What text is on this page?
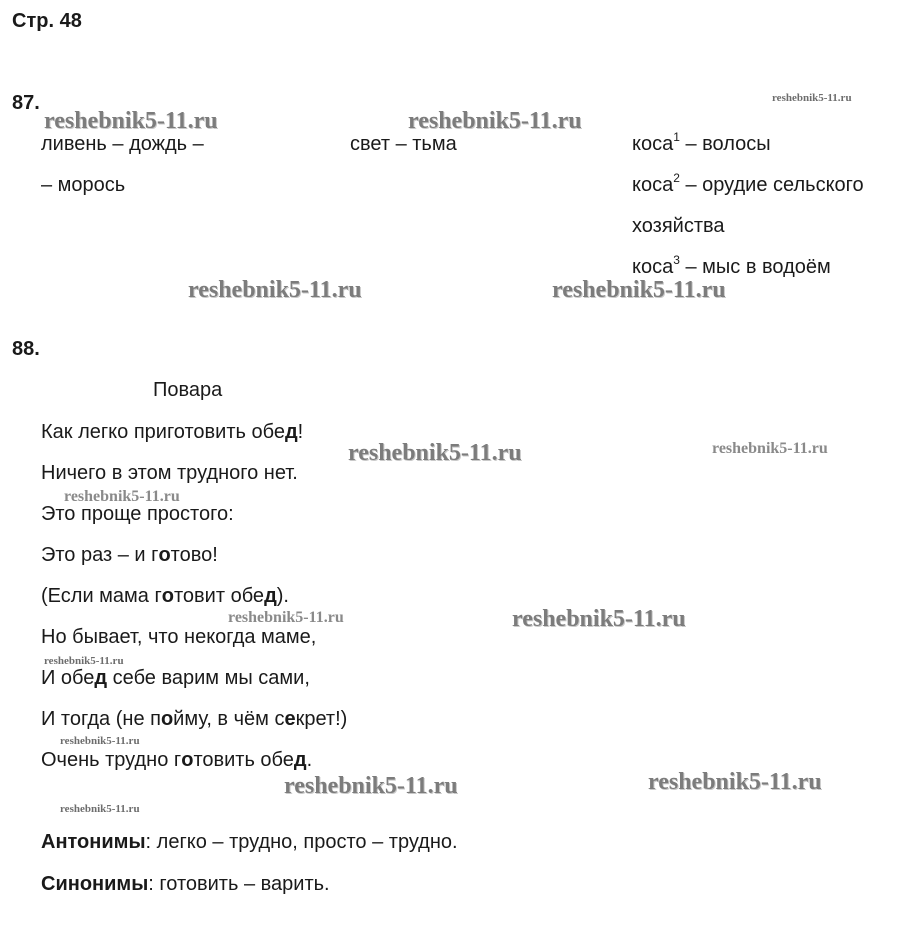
Стр. 48
87.
ливень – дождь –
– морось
свет – тьма	коса$^1$ – волосы
коса$^2$ – орудие сельского
хозяйства
коса$^3$ – мыс в водоём
88.
Повара
Как легко приготовить обед!
Ничего в этом трудного нет.
Это проще простого:
Это раз – и готово!
(Если мама готовит обед).
Но бывает, что некогда маме,
И обед себе варим мы сами,
И тогда (не пойму, в чём секрет!)
Очень трудно готовить обед.
Антонимы: легко – трудно, просто – трудно.
Синонимы: готовить – варить.
reshebnik5-11.ru
reshebnik5-11.ru	reshebnik5-11.ru
reshebnik5-11.ru	reshebnik5-11.ru
reshebnik5-11.ru
reshebnik5-11.ru
reshebnik5-11.ru
reshebnik5-11.ru	reshebnik5-11.ru
reshebnik5-11.ru
reshebnik5-11.ru
reshebnik5-11.ru	reshebnik5-11.ru
reshebnik5-11.ru
